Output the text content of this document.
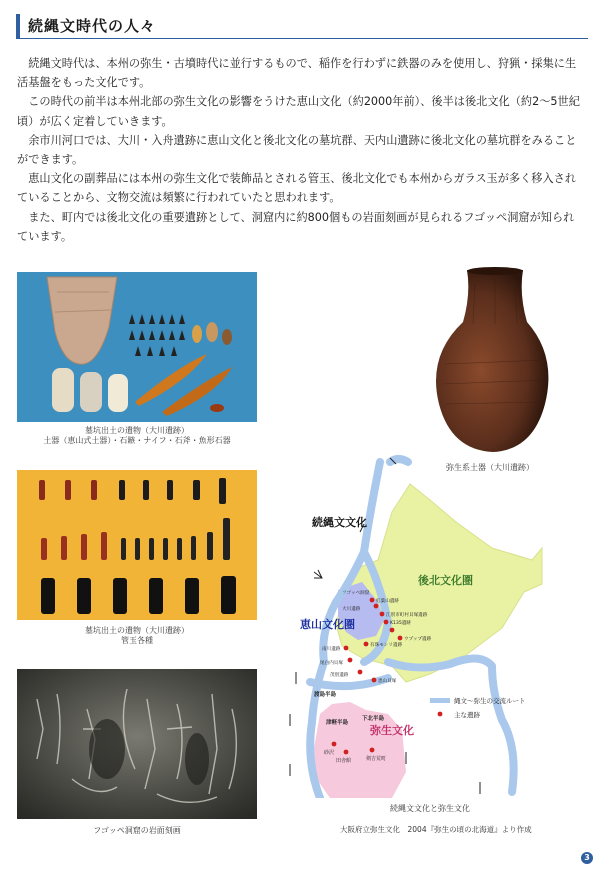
続縄文時代の人々

続縄文時代は、本州の弥生・古墳時代に並行するもので、稲作を行わずに鉄器のみを使用し、狩猟・採集に生活基盤をもった文化です。

この時代の前半は本州北部の弥生文化の影響をうけた恵山文化（約2000年前）、後半は後北文化（約2～5世紀頃）が広く定着していきます。

余市川河口では、大川・入舟遺跡に恵山文化と後北文化の墓坑群、天内山遺跡に後北文化の墓坑群をみることができます。

恵山文化の副葬品には本州の弥生文化で装飾品とされる管玉、後北文化でも本州からガラス玉が多く移入されていることから、文物交流は頻繁に行われていたと思われます。

また、町内では後北文化の重要遺跡として、洞窟内に約800個もの岩面刻画が見られるフゴッペ洞窟が知られています。

墓坑出土の遺物（大川遺跡）
土器（恵山式土器）・石鏃・ナイフ・石斧・魚形石器
墓坑出土の遺物（大川遺跡）
管玉各種
フゴッペ洞窟の岩面刻画
弥生系土器（大川遺跡）
続縄文文化
後北文化圏
恵山文化圏
弥生文化
フゴッペ洞窟
紅葉山遺跡
大川遺跡
江別市町村貝塚遺跡
K135遺跡
ウプップ遺跡
有珠モシリ遺跡
南川遺跡
尾白内貝塚
茂別遺跡
恵山貝塚
渡島半島
津軽半島
下北半島
砂沢
田舎館	剣吉荒町
縄文～弥生の交流ルート
主な遺跡
続縄文文化と弥生文化
大阪府立弥生文化　2004『弥生の頃の北海道』より作成
3
